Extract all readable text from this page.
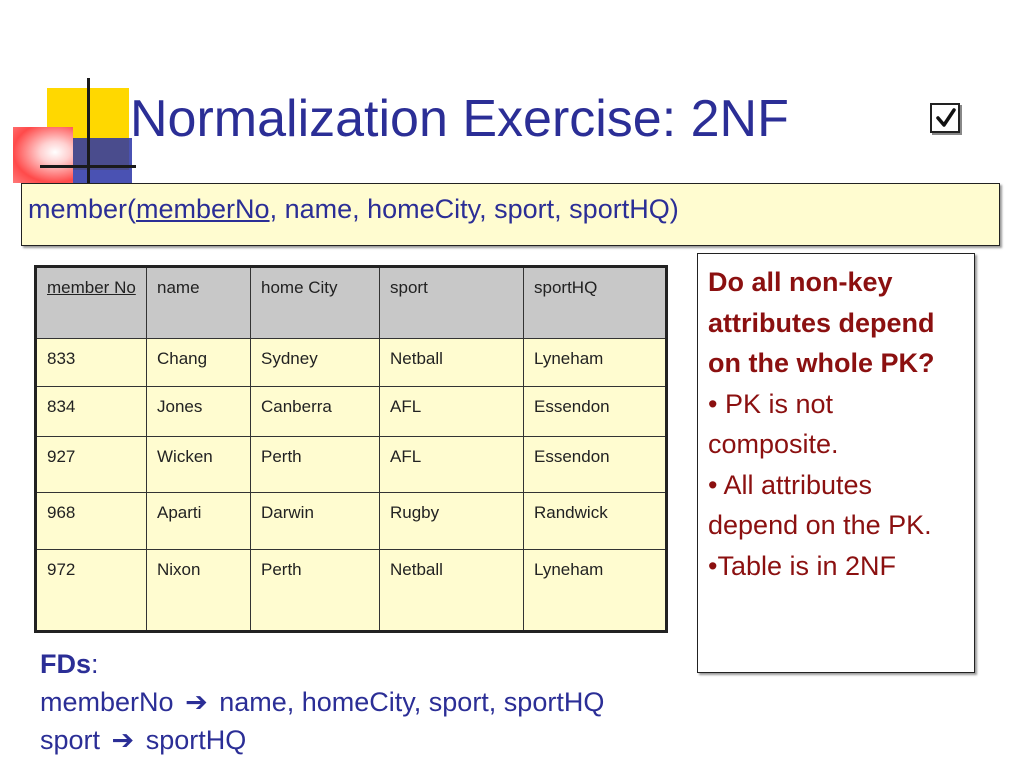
Normalization Exercise: 2NF
member(memberNo, name, homeCity, sport, sportHQ)
member No	name	home City	sport	sportHQ
833	Chang	Sydney	Netball	Lyneham
834	Jones	Canberra	AFL	Essendon
927	Wicken	Perth	AFL	Essendon
968	Aparti	Darwin	Rugby	Randwick
972	Nixon	Perth	Netball	Lyneham
Do all non-key attributes depend on the whole PK?
• PK is not composite.
• All attributes depend on the PK.
•Table is in 2NF
FDs:
memberNo ➔ name, homeCity, sport, sportHQ
sport ➔ sportHQ
